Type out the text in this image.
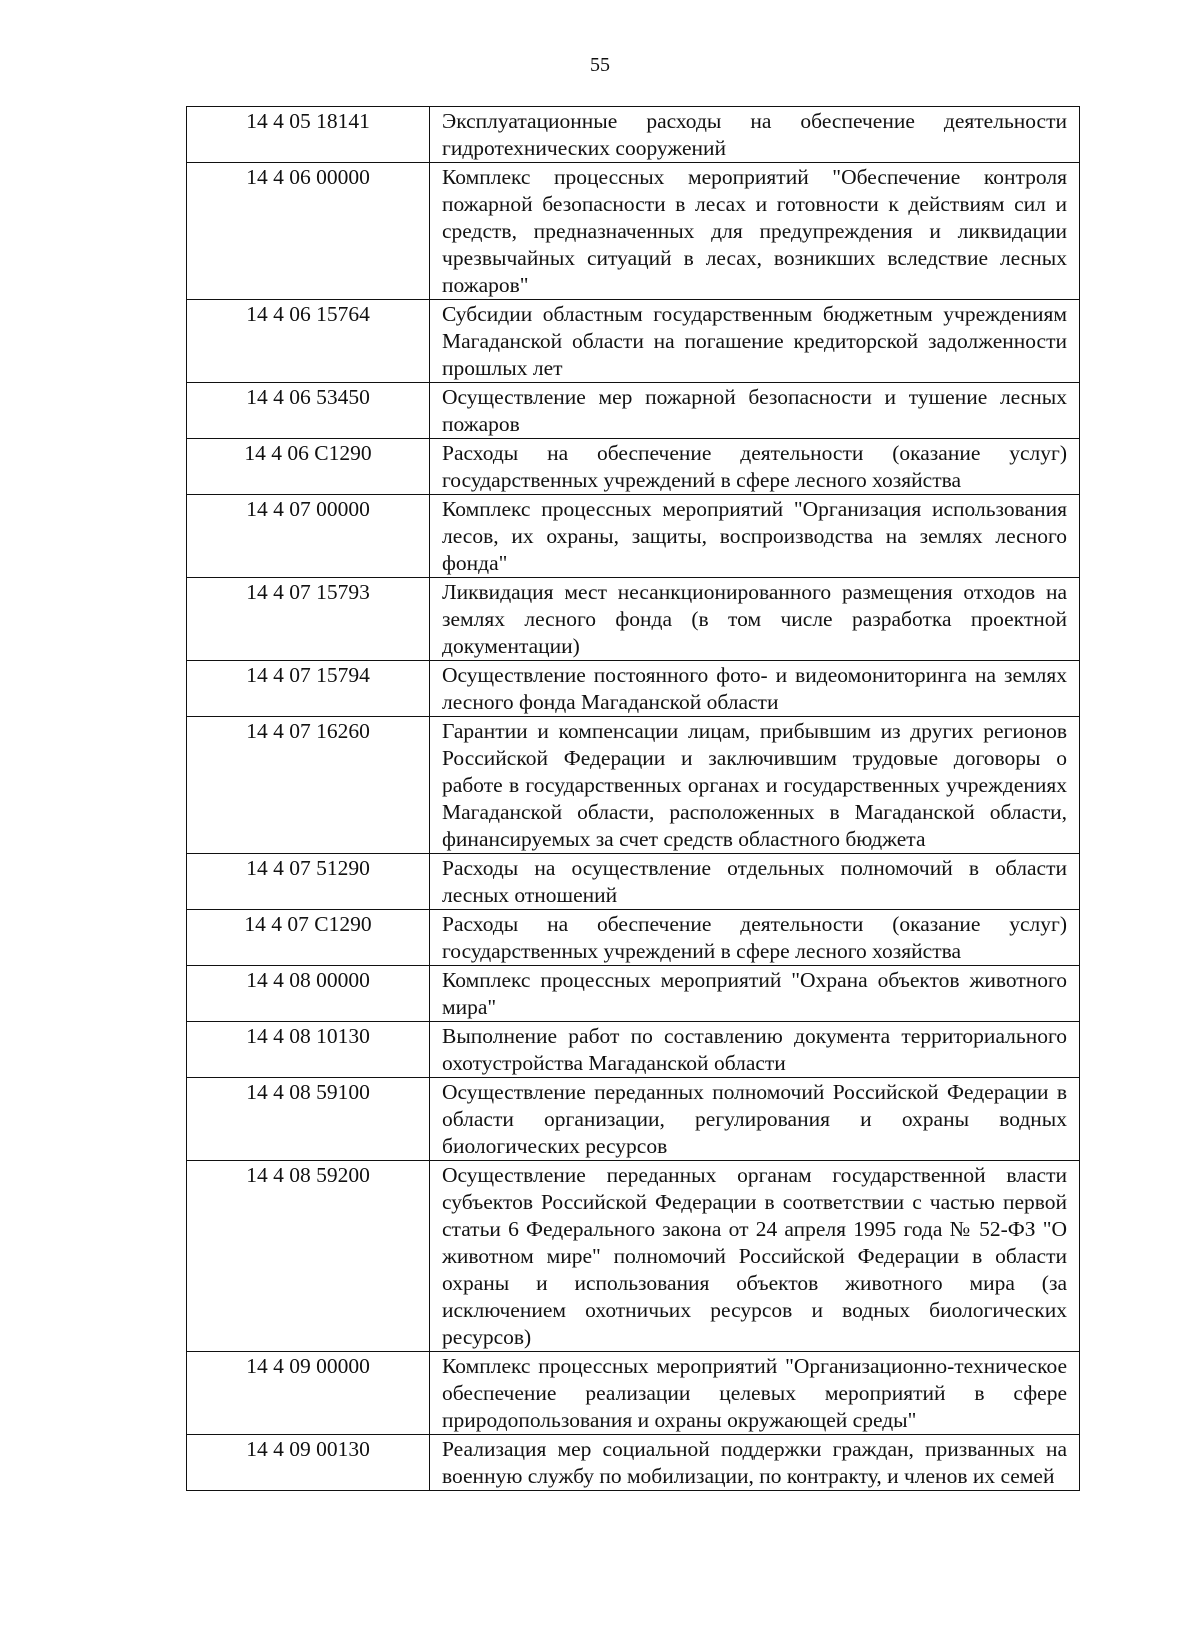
55
14 4 05 18141	Эксплуатационные расходы на обеспечение деятельности гидротехнических сооружений
14 4 06 00000	Комплекс процессных мероприятий "Обеспечение контроля пожарной безопасности в лесах и готовности к действиям сил и средств, предназначенных для предупреждения и ликвидации чрезвычайных ситуаций в лесах, возникших вследствие лесных пожаров"
14 4 06 15764	Субсидии областным государственным бюджетным учреждениям Магаданской области на погашение кредиторской задолженности прошлых лет
14 4 06 53450	Осуществление мер пожарной безопасности и тушение лесных пожаров
14 4 06 С1290	Расходы на обеспечение деятельности (оказание услуг) государственных учреждений в сфере лесного хозяйства
14 4 07 00000	Комплекс процессных мероприятий "Организация использования лесов, их охраны, защиты, воспроизводства на землях лесного фонда"
14 4 07 15793	Ликвидация мест несанкционированного размещения отходов на землях лесного фонда (в том числе разработка проектной документации)
14 4 07 15794	Осуществление постоянного фото- и видеомониторинга на землях лесного фонда Магаданской области
14 4 07 16260	Гарантии и компенсации лицам, прибывшим из других регионов Российской Федерации и заключившим трудовые договоры о работе в государственных органах и государственных учреждениях Магаданской области, расположенных в Магаданской области, финансируемых за счет средств областного бюджета
14 4 07 51290	Расходы на осуществление отдельных полномочий в области лесных отношений
14 4 07 С1290	Расходы на обеспечение деятельности (оказание услуг) государственных учреждений в сфере лесного хозяйства
14 4 08 00000	Комплекс процессных мероприятий "Охрана объектов животного мира"
14 4 08 10130	Выполнение работ по составлению документа территориального охотустройства Магаданской области
14 4 08 59100	Осуществление переданных полномочий Российской Федерации в области организации, регулирования и охраны водных биологических ресурсов
14 4 08 59200	Осуществление переданных органам государственной власти субъектов Российской Федерации в соответствии с частью первой статьи 6 Федерального закона от 24 апреля 1995 года № 52-ФЗ "О животном мире" полномочий Российской Федерации в области охраны и использования объектов животного мира (за исключением охотничьих ресурсов и водных биологических ресурсов)
14 4 09 00000	Комплекс процессных мероприятий "Организационно-техническое обеспечение реализации целевых мероприятий в сфере природопользования и охраны окружающей среды"
14 4 09 00130	Реализация мер социальной поддержки граждан, призванных на военную службу по мобилизации, по контракту, и членов их семей
